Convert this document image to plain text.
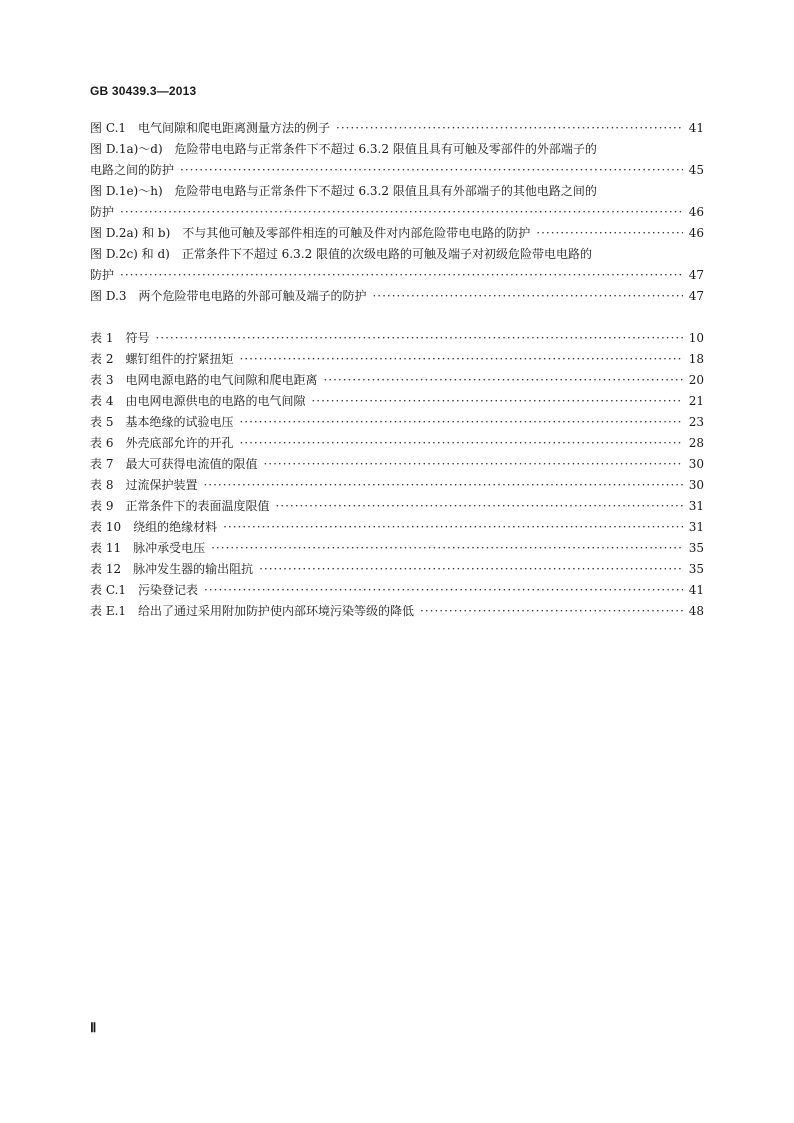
GB 30439.3—2013
图 C.1　电气间隙和爬电距离测量方法的例子 ·····	41
图 D.1a)～d)　危险带电电路与正常条件下不超过 6.3.2 限值且具有可触及零部件的外部端子的
电路之间的防护 ·····	45
图 D.1e)～h)　危险带电电路与正常条件下不超过 6.3.2 限值且具有外部端子的其他电路之间的
防护 ·····	46
图 D.2a) 和 b)　不与其他可触及零部件相连的可触及件对内部危险带电电路的防护 ·····	46
图 D.2c) 和 d)　正常条件下不超过 6.3.2 限值的次级电路的可触及端子对初级危险带电电路的
防护 ·····	47
图 D.3　两个危险带电电路的外部可触及端子的防护 ·····	47
表 1　符号 ·····	10
表 2　螺钉组件的拧紧扭矩 ·····	18
表 3　电网电源电路的电气间隙和爬电距离 ·····	20
表 4　由电网电源供电的电路的电气间隙 ·····	21
表 5　基本绝缘的试验电压 ·····	23
表 6　外壳底部允许的开孔 ·····	28
表 7　最大可获得电流值的限值 ·····	30
表 8　过流保护装置 ·····	30
表 9　正常条件下的表面温度限值 ·····	31
表 10　绕组的绝缘材料 ·····	31
表 11　脉冲承受电压 ·····	35
表 12　脉冲发生器的输出阻抗 ·····	35
表 C.1　污染登记表 ·····	41
表 E.1　给出了通过采用附加防护使内部环境污染等级的降低 ·····	48
Ⅱ
